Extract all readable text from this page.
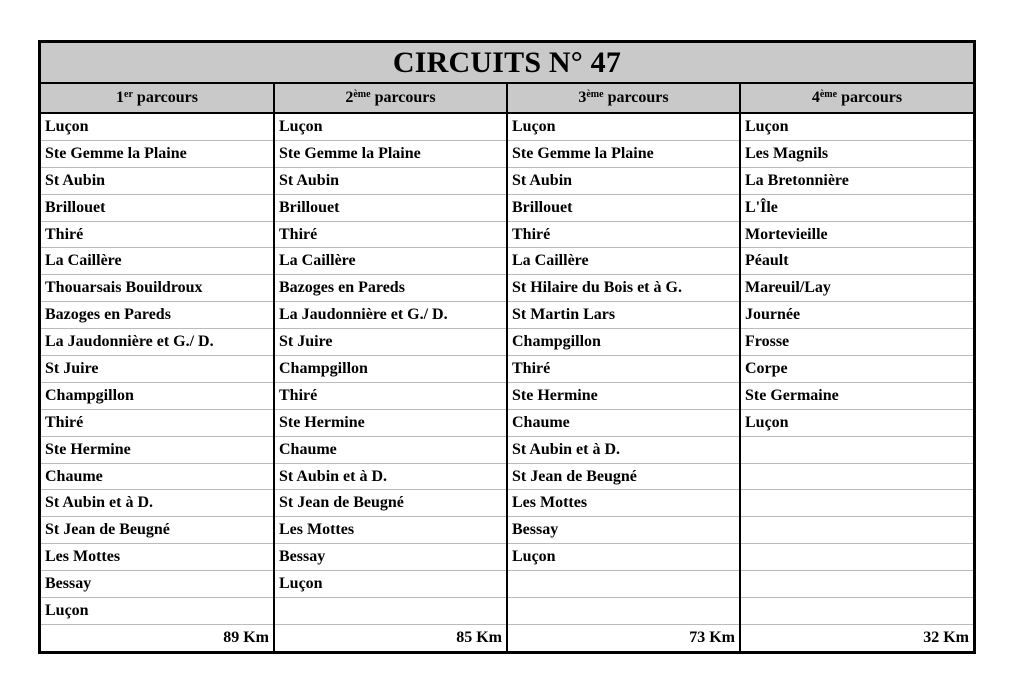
CIRCUITS N° 47			
1er parcours	2ème parcours	3ème parcours	4ème parcours
Luçon	Luçon	Luçon	Luçon
Ste Gemme la Plaine	Ste Gemme la Plaine	Ste Gemme la Plaine	Les Magnils
St Aubin	St Aubin	St Aubin	La Bretonnière
Brillouet	Brillouet	Brillouet	L'Île
Thiré	Thiré	Thiré	Mortevieille
La Caillère	La Caillère	La Caillère	Péault
Thouarsais Bouildroux	Bazoges en Pareds	St Hilaire du Bois et à G.	Mareuil/Lay
Bazoges en Pareds	La Jaudonnière et G./ D.	St Martin Lars	Journée
La Jaudonnière et G./ D.	St Juire	Champgillon	Frosse
St Juire	Champgillon	Thiré	Corpe
Champgillon	Thiré	Ste Hermine	Ste Germaine
Thiré	Ste Hermine	Chaume	Luçon
Ste Hermine	Chaume	St Aubin et à D.	
Chaume	St Aubin et à D.	St Jean de Beugné	
St Aubin et à D.	St Jean de Beugné	Les Mottes	
St Jean de Beugné	Les Mottes	Bessay	
Les Mottes	Bessay	Luçon	
Bessay	Luçon		
Luçon			
89 Km	85 Km	73 Km	32 Km
